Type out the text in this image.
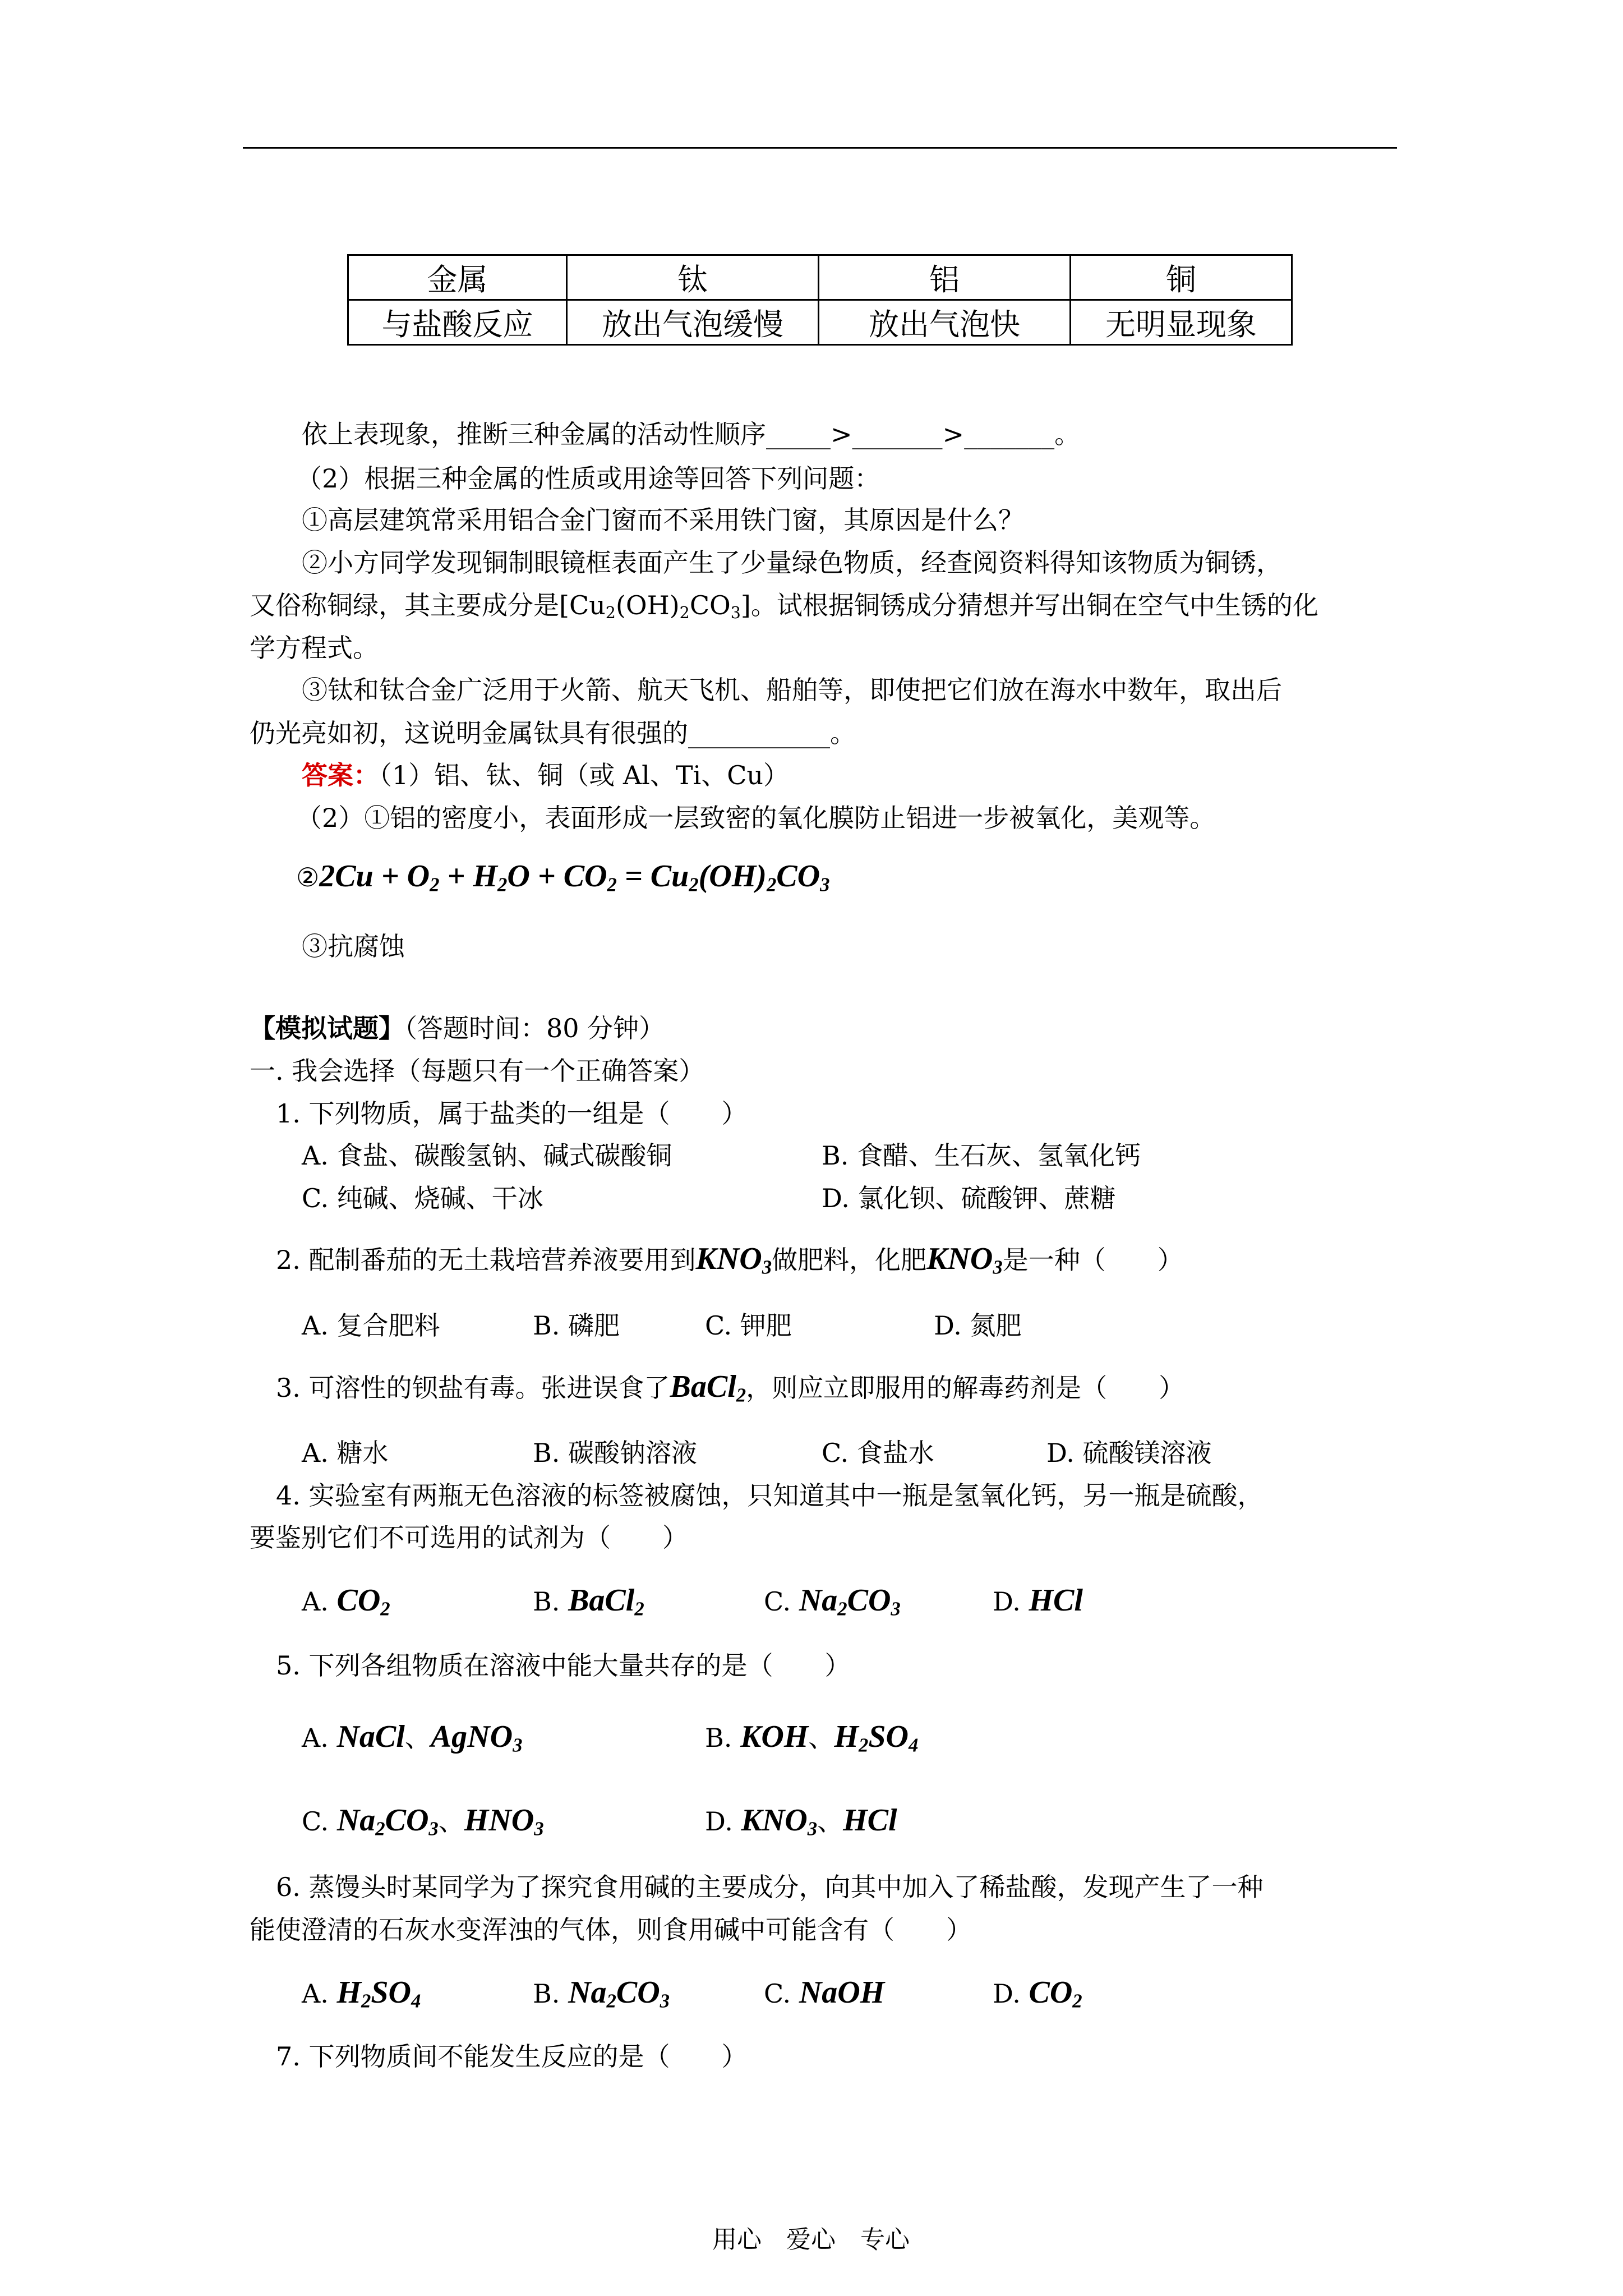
金属	钛	铝	铜
与盐酸反应	放出气泡缓慢	放出气泡快	无明显现象
依上表现象，推断三种金属的活动性顺序_____>_______>_______。
（2）根据三种金属的性质或用途等回答下列问题：
①高层建筑常采用铝合金门窗而不采用铁门窗，其原因是什么？
②小方同学发现铜制眼镜框表面产生了少量绿色物质，经查阅资料得知该物质为铜锈，
又俗称铜绿，其主要成分是$[Cu_2(OH)_2CO_3]$。试根据铜锈成分猜想并写出铜在空气中生锈的化
学方程式。
③钛和钛合金广泛用于火箭、航天飞机、船舶等，即使把它们放在海水中数年，取出后
仍光亮如初，这说明金属钛具有很强的___________。
答案：（1）铝、钛、铜（或 Al、Ti、Cu）
（2）①铝的密度小，表面形成一层致密的氧化膜防止铝进一步被氧化，美观等。
②2Cu + $O_2 + H_2O + CO_2 = Cu_2(OH)_2CO_3$
③抗腐蚀
【模拟试题】（答题时间：80 分钟）
一. 我会选择（每题只有一个正确答案）
1. 下列物质，属于盐类的一组是（　　）
A. 食盐、碳酸氢钠、碱式碳酸铜	B. 食醋、生石灰、氢氧化钙
C. 纯碱、烧碱、干冰	D. 氯化钡、硫酸钾、蔗糖
2. 配制番茄的无土栽培营养液要用到$KNO_3$做肥料，化肥$KNO_3$是一种（　　）
A. 复合肥料	B. 磷肥	C. 钾肥	D. 氮肥
3. 可溶性的钡盐有毒。张进误食了BaCl$_2$，则应立即服用的解毒药剂是（　　）
A. 糖水	B. 碳酸钠溶液	C. 食盐水	D. 硫酸镁溶液
4. 实验室有两瓶无色溶液的标签被腐蚀，只知道其中一瓶是氢氧化钙，另一瓶是硫酸，
要鉴别它们不可选用的试剂为（　　）
A. $CO_2$	B. BaCl$_2$	C. $Na_2CO_3$	D. HCl
5. 下列各组物质在溶液中能大量共存的是（　　）
A. NaCl、AgNO$_3$	B. KOH、$H_2SO_4$
C. $Na_2CO_3$、$HNO_3$	D. $KNO_3$、HCl
6. 蒸馒头时某同学为了探究食用碱的主要成分，向其中加入了稀盐酸，发现产生了一种
能使澄清的石灰水变浑浊的气体，则食用碱中可能含有（　　）
A. $H_2SO_4$	B. $Na_2CO_3$	C. NaOH	D. $CO_2$
7. 下列物质间不能发生反应的是（　　）
用心　爱心　专心
